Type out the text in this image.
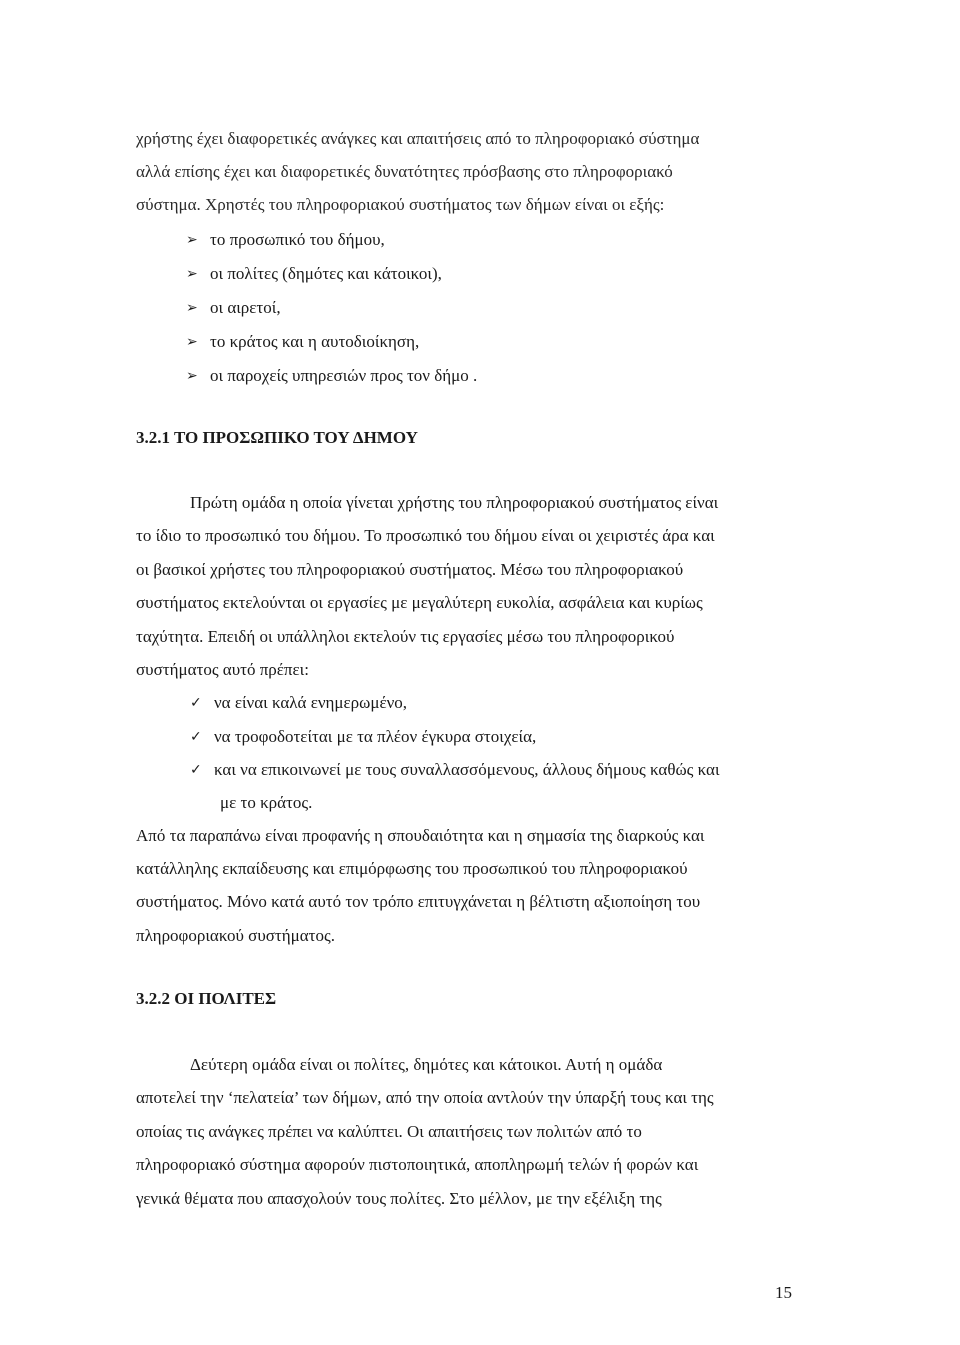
χρήστης έχει διαφορετικές ανάγκες και απαιτήσεις από το πληροφοριακό σύστημα
αλλά επίσης έχει και διαφορετικές δυνατότητες πρόσβασης στο πληροφοριακό
σύστημα. Χρηστές του πληροφοριακού συστήματος των δήμων είναι οι εξής:
➢ το προσωπικό του δήμου,
➢ οι πολίτες (δημότες και κάτοικοι),
➢ οι αιρετοί,
➢ το κράτος και η αυτοδιοίκηση,
➢ οι παροχείς υπηρεσιών προς τον δήμο .
3.2.1 ΤΟ ΠΡΟΣΩΠΙΚΟ ΤΟΥ ΔΗΜΟΥ
Πρώτη ομάδα η οποία γίνεται χρήστης του πληροφοριακού συστήματος είναι
το ίδιο το προσωπικό του δήμου. Το προσωπικό του δήμου είναι οι χειριστές άρα και
οι βασικοί χρήστες του πληροφοριακού συστήματος. Μέσω του πληροφοριακού
συστήματος εκτελούνται οι εργασίες με μεγαλύτερη ευκολία, ασφάλεια και κυρίως
ταχύτητα. Επειδή οι υπάλληλοι εκτελούν τις εργασίες μέσω του πληροφορικού
συστήματος αυτό πρέπει:
✓ να είναι καλά ενημερωμένο,
✓ να τροφοδοτείται με τα πλέον έγκυρα στοιχεία,
✓ και να επικοινωνεί με τους συναλλασσόμενους, άλλους δήμους καθώς και
με το κράτος.
Από τα παραπάνω είναι προφανής η σπουδαιότητα και η σημασία της διαρκούς και
κατάλληλης εκπαίδευσης και επιμόρφωσης του προσωπικού του πληροφοριακού
συστήματος. Μόνο κατά αυτό τον τρόπο επιτυγχάνεται η βέλτιστη αξιοποίηση του
πληροφοριακού συστήματος.
3.2.2 ΟΙ ΠΟΛΙΤΕΣ
Δεύτερη ομάδα είναι οι πολίτες, δημότες και κάτοικοι. Αυτή η ομάδα
αποτελεί την ‘πελατεία’ των δήμων, από την οποία αντλούν την ύπαρξή τους και της
οποίας τις ανάγκες πρέπει να καλύπτει. Οι απαιτήσεις των πολιτών από το
πληροφοριακό σύστημα αφορούν πιστοποιητικά, αποπληρωμή τελών ή φορών και
γενικά θέματα που απασχολούν τους πολίτες. Στο μέλλον, με την εξέλιξη της
15
